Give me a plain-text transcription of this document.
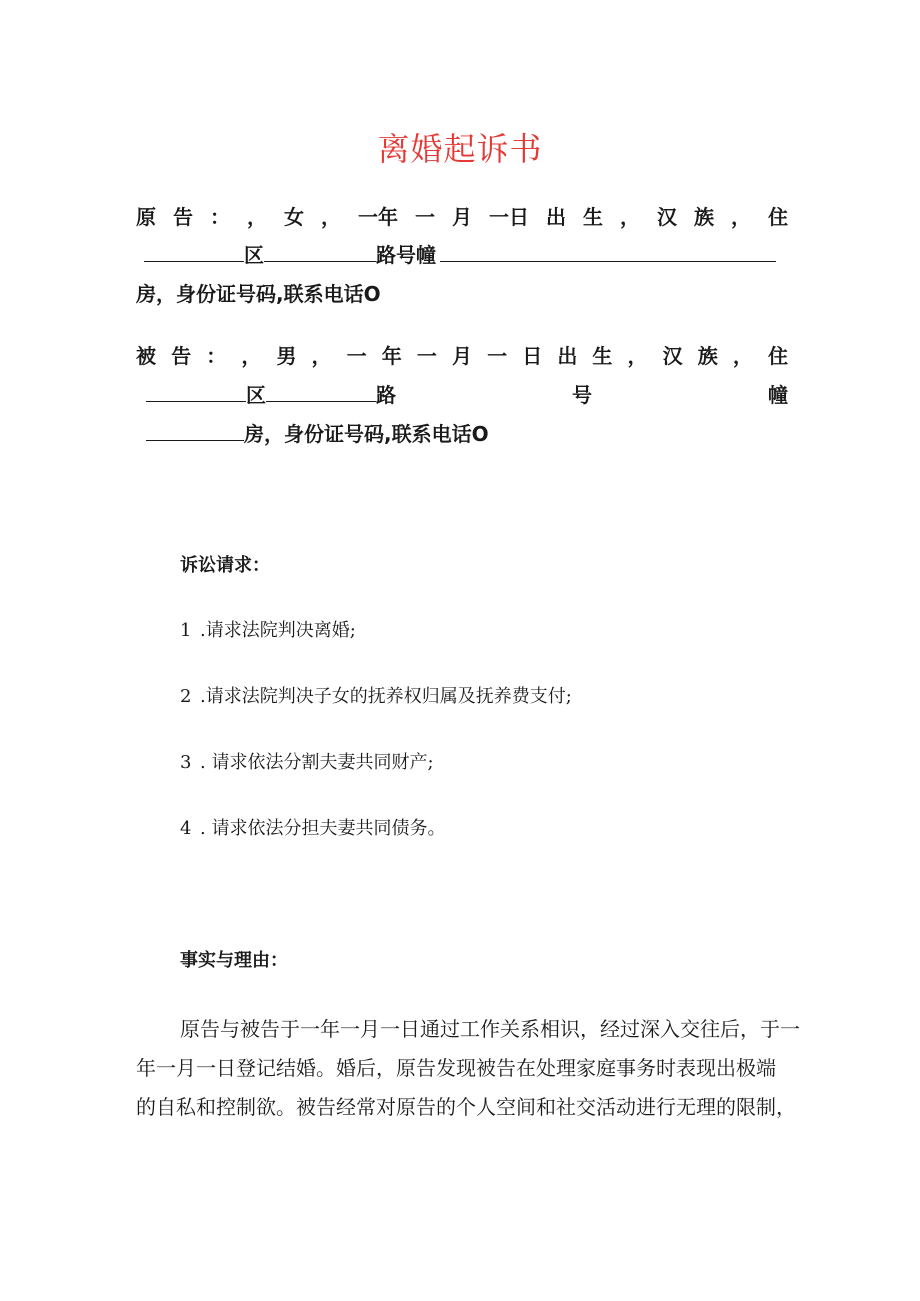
离婚起诉书
原 告 ： ， 女 ， 一年 一 月 一日 出 生 ， 汉 族 ， 住
区	路号幢
房，身份证号码,联系电话O
被 告 ： ， 男 ， 一 年 一 月 一 日 出 生 ， 汉 族 ， 住
区	路	号	幢
房，身份证号码,联系电话O
诉讼请求：
1 .请求法院判决离婚;
2 .请求法院判决子女的抚养权归属及抚养费支付;
3 . 请求依法分割夫妻共同财产;
4 . 请求依法分担夫妻共同债务。
事实与理由：
原告与被告于一年一月一日通过工作关系相识，经过深入交往后，于一
年一月一日登记结婚。婚后，原告发现被告在处理家庭事务时表现出极端
的自私和控制欲。被告经常对原告的个人空间和社交活动进行无理的限制，
